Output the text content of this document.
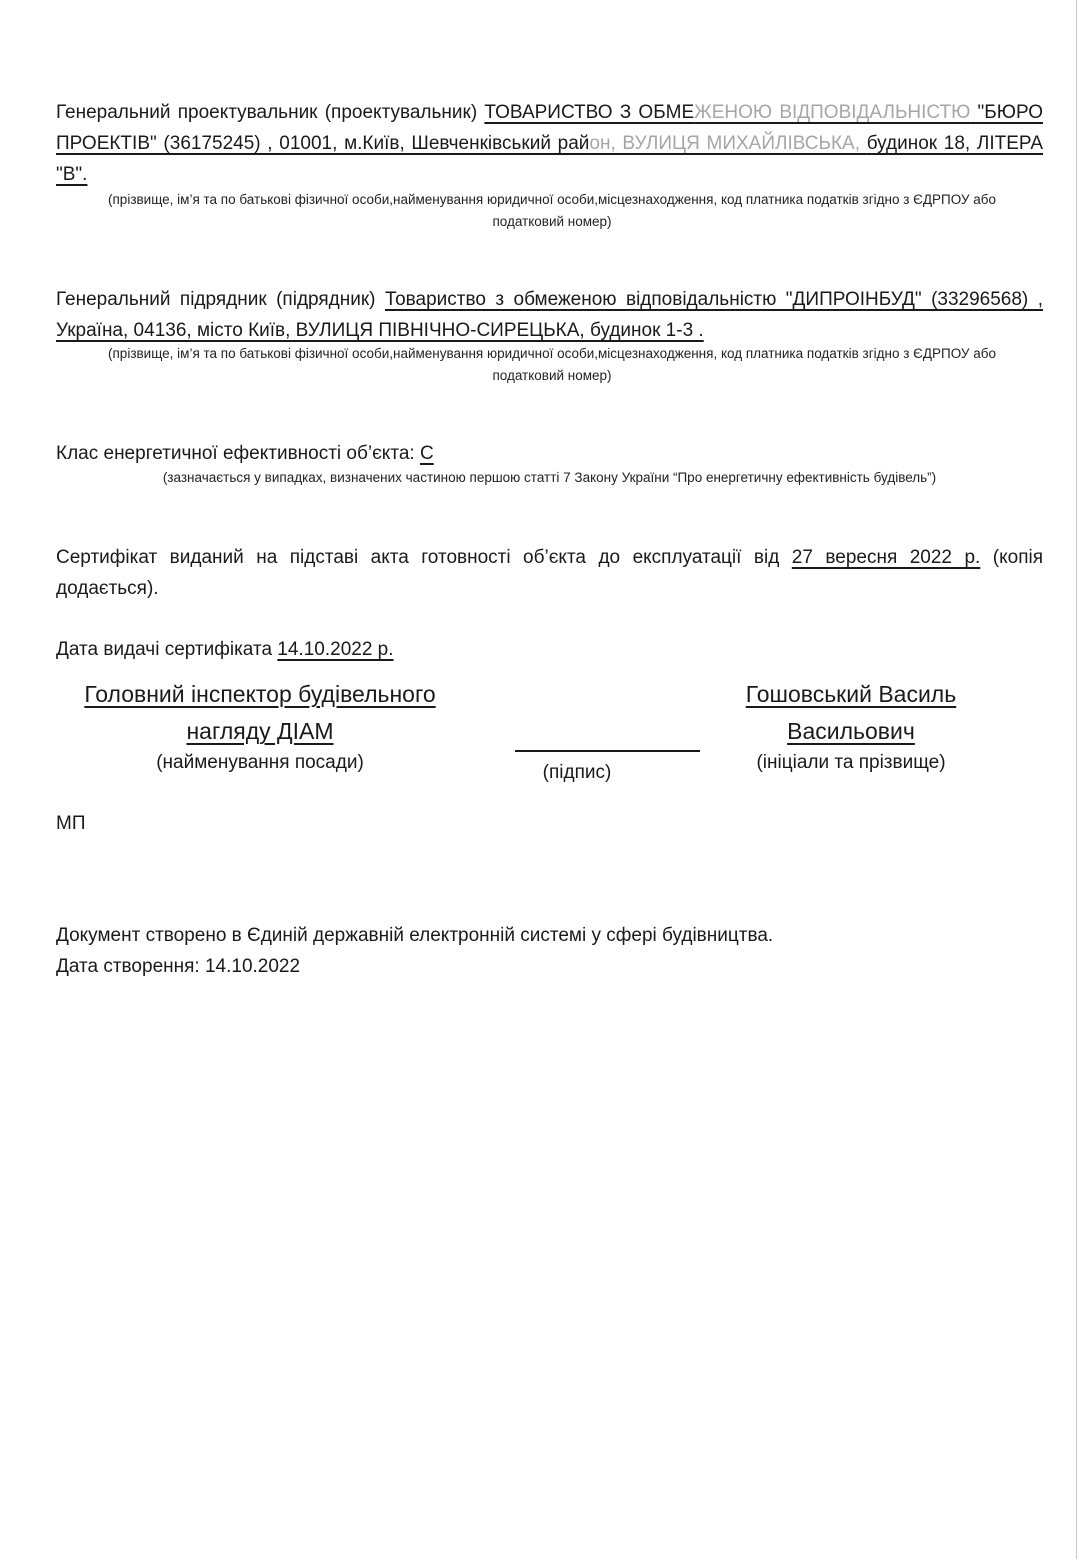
Генеральний проектувальник (проектувальник) ТОВАРИСТВО З ОБМЕЖЕНОЮ ВІДПОВІДАЛЬНІСТЮ "БЮРО ПРОЕКТІВ" (36175245) , 01001, м.Київ, Шевченківський район, ВУЛИЦЯ МИХАЙЛІВСЬКА, будинок 18, ЛІТЕРА "В".
(прізвище, ім’я та по батькові фізичної особи,найменування юридичної особи,місцезнаходження, код платника податків згідно з ЄДРПОУ або податковий номер)
Генеральний підрядник (підрядник) Товариство з обмеженою відповідальністю "ДИПРОІНБУД" (33296568) , Україна, 04136, місто Київ, ВУЛИЦЯ ПІВНІЧНО-СИРЕЦЬКА, будинок 1-3 .
(прізвище, ім’я та по батькові фізичної особи,найменування юридичної особи,місцезнаходження, код платника податків згідно з ЄДРПОУ або податковий номер)
Клас енергетичної ефективності об’єкта: C
(зазначається у випадках, визначених частиною першою статті 7 Закону України “Про енергетичну ефективність будівель”)
Сертифікат виданий на підставі акта готовності об’єкта до експлуатації від 27 вересня 2022 р. (копія додається).
Дата видачі сертифіката 14.10.2022 р.
Головний інспектор будівельного
нагляду ДІАМ
(найменування посади)	(підпис)
Гошовський Василь
Васильович
(ініціали та прізвище)
МП
Документ створено в Єдиній державній електронній системі у сфері будівництва.
Дата створення: 14.10.2022
